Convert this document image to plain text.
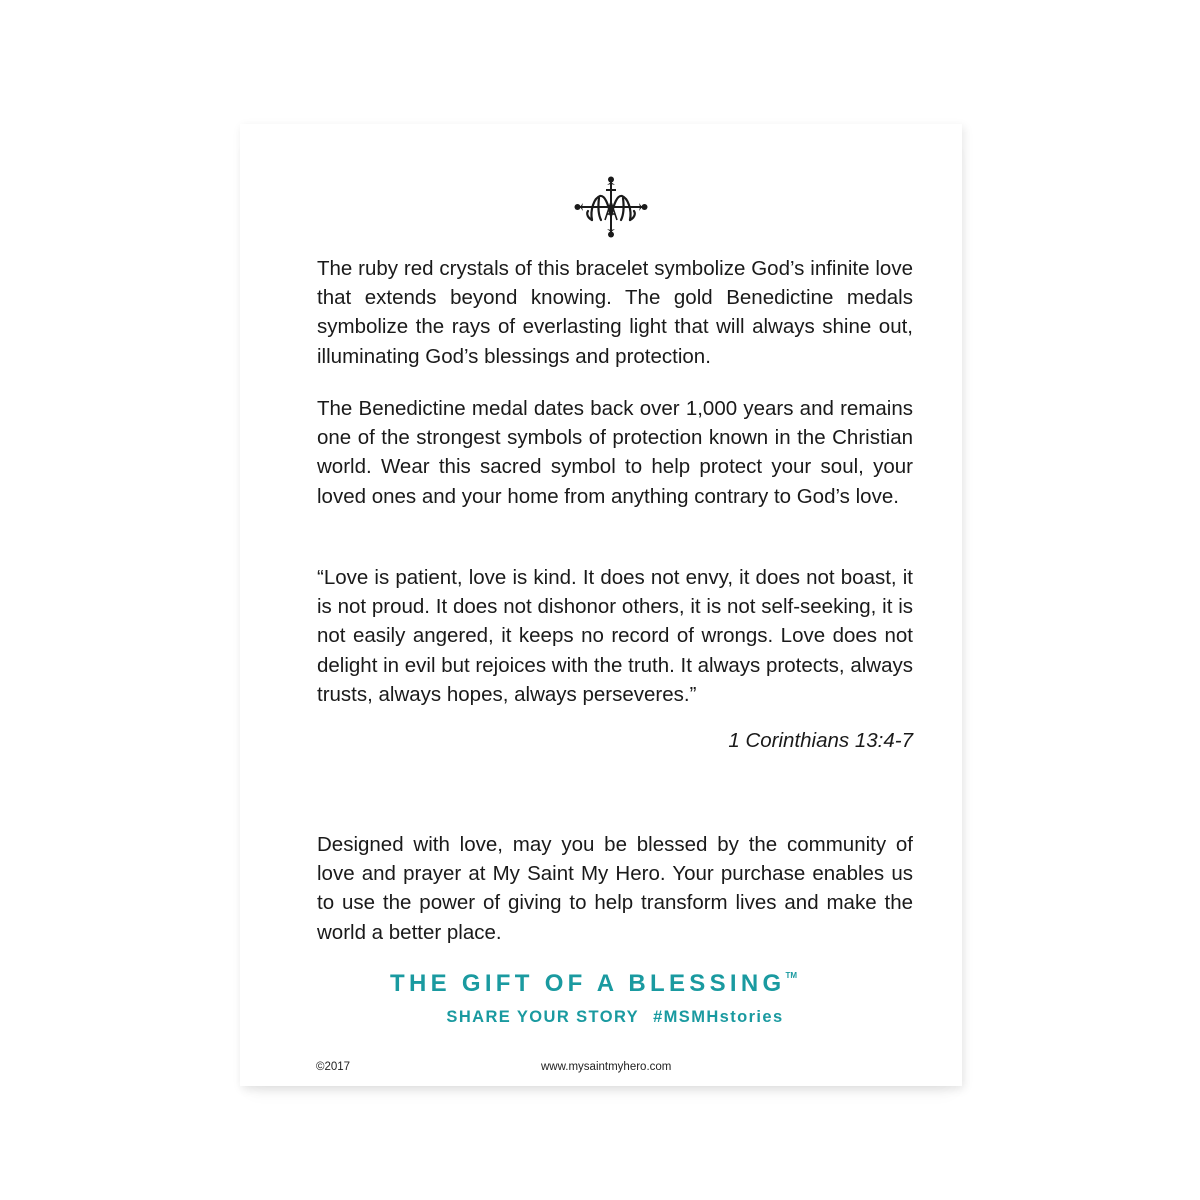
The ruby red crystals of this bracelet symbolize God’s infinite love that extends beyond knowing. The gold Benedictine medals symbolize the rays of everlasting light that will always shine out, illuminating God’s blessings and protection.

The Benedictine medal dates back over 1,000 years and remains one of the strongest symbols of protection known in the Christian world. Wear this sacred symbol to help protect your soul, your loved ones and your home from anything contrary to God’s love.

“Love is patient, love is kind. It does not envy, it does not boast, it is not proud. It does not dishonor others, it is not self-seeking, it is not easily angered, it keeps no record of wrongs. Love does not delight in evil but rejoices with the truth. It always protects, always trusts, always hopes, always perseveres.”

1 Corinthians 13:4-7

Designed with love, may you be blessed by the community of love and prayer at My Saint My Hero. Your purchase enables us to use the power of giving to help transform lives and make the world a better place.

THE GIFT OF A BLESSING™
SHARE YOUR STORY #MSMHstories
©2017	www.mysaintmyhero.com
